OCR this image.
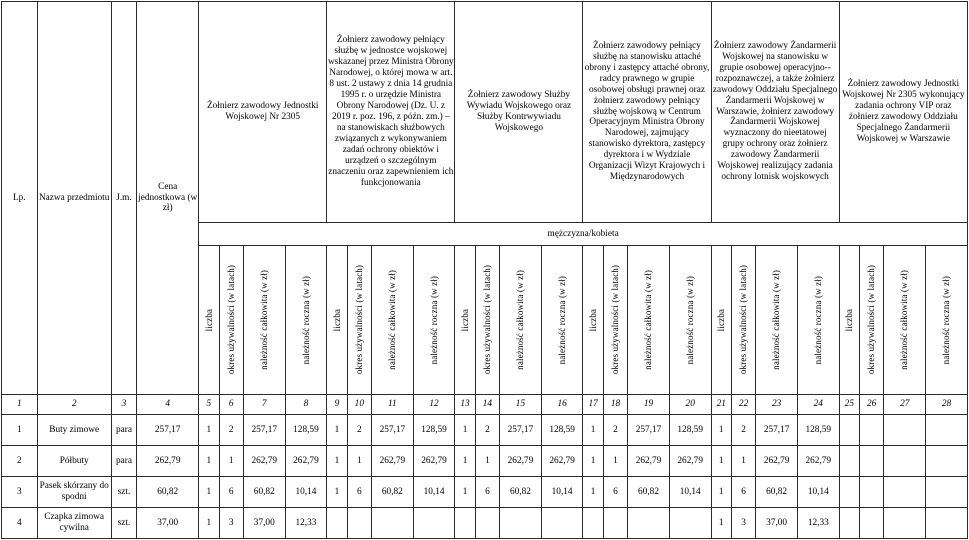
Lp.	Nazwa przedmiotu	J.m.	Cena jednostkowa (w zł)	Żołnierz zawodowy Jednostki Wojskowej Nr 2305	Żołnierz zawodowy pełniący służbę w jednostce wojskowej wskazanej przez Ministra Obrony Narodowej, o której mowa w art. 8 ust. 2 ustawy z dnia 14 grudnia 1995 r. o urzędzie Ministra Obrony Narodowej (Dz. U. z 2019 r. poz. 196, z późn. zm.) – na stanowiskach służbowych związanych z wykonywaniem zadań ochrony obiektów i urządzeń o szczególnym znaczeniu oraz zapewnieniem ich funkcjonowania	Żołnierz zawodowy Służby Wywiadu Wojskowego oraz Służby Kontrwywiadu Wojskowego	Żołnierz zawodowy pełniący służbę na stanowisku attaché obrony i zastępcy attaché obrony, radcy prawnego w grupie osobowej obsługi prawnej oraz żołnierz zawodowy pełniący służbę wojskową w Centrum Operacyjnym Ministra Obrony Narodowej, zajmujący stanowisko dyrektora, zastępcy dyrektora i w Wydziale Organizacji Wizyt Krajowych i Międzynarodowych	Żołnierz zawodowy Żandarmerii Wojskowej na stanowisku w grupie osobowej operacyjno--rozpoznawczej, a także żołnierz zawodowy Oddziału Specjalnego Żandarmerii Wojskowej w Warszawie, żołnierz zawodowy Żandarmerii Wojskowej wyznaczony do nieetatowej grupy ochrony oraz żołnierz zawodowy Żandarmerii Wojskowej realizujący zadania ochrony lotnisk wojskowych	Żołnierz zawodowy Jednostki Wojskowej Nr 2305 wykonujący zadania ochrony VIP oraz żołnierz zawodowy Oddziału Specjalnego Żandarmerii Wojskowej w Warszawie
				mężczyzna/kobieta																							

				liczba	okres używalności (w latach)	należność całkowita (w zł)	należność roczna (w zł)	liczba	okres używalności (w latach)	należność całkowita (w zł)	należność roczna (w zł)	liczba	okres używalności (w latach)	należność całkowita (w zł)	należność roczna (w zł)	liczba	okres używalności (w latach)	należność całkowita (w zł)	należność roczna (w zł)	liczba	okres używalności (w latach)	należność całkowita (w zł)	należność roczna (w zł)	liczba	okres używalności (w latach)	należność całkowita (w zł)	należność roczna (w zł)

1	2	3	4	5	6	7	8	9	10	11	12	13	14	15	16	17	18	19	20	21	22	23	24	25	26	27	28
1	Buty zimowe	para	257,17	1	2	257,17	128,59	1	2	257,17	128,59	1	2	257,17	128,59	1	2	257,17	128,59	1	2	257,17	128,59				
2	Półbuty	para	262,79	1	1	262,79	262,79	1	1	262,79	262,79	1	1	262,79	262,79	1	1	262,79	262,79	1	1	262,79	262,79				
3	Pasek skórzany do spodni	szt.	60,82	1	6	60,82	10,14	1	6	60,82	10,14	1	6	60,82	10,14	1	6	60,82	10,14	1	6	60,82	10,14				
4	Czapka zimowa cywilna	szt.	37,00	1	3	37,00	12,33													1	3	37,00	12,33				
